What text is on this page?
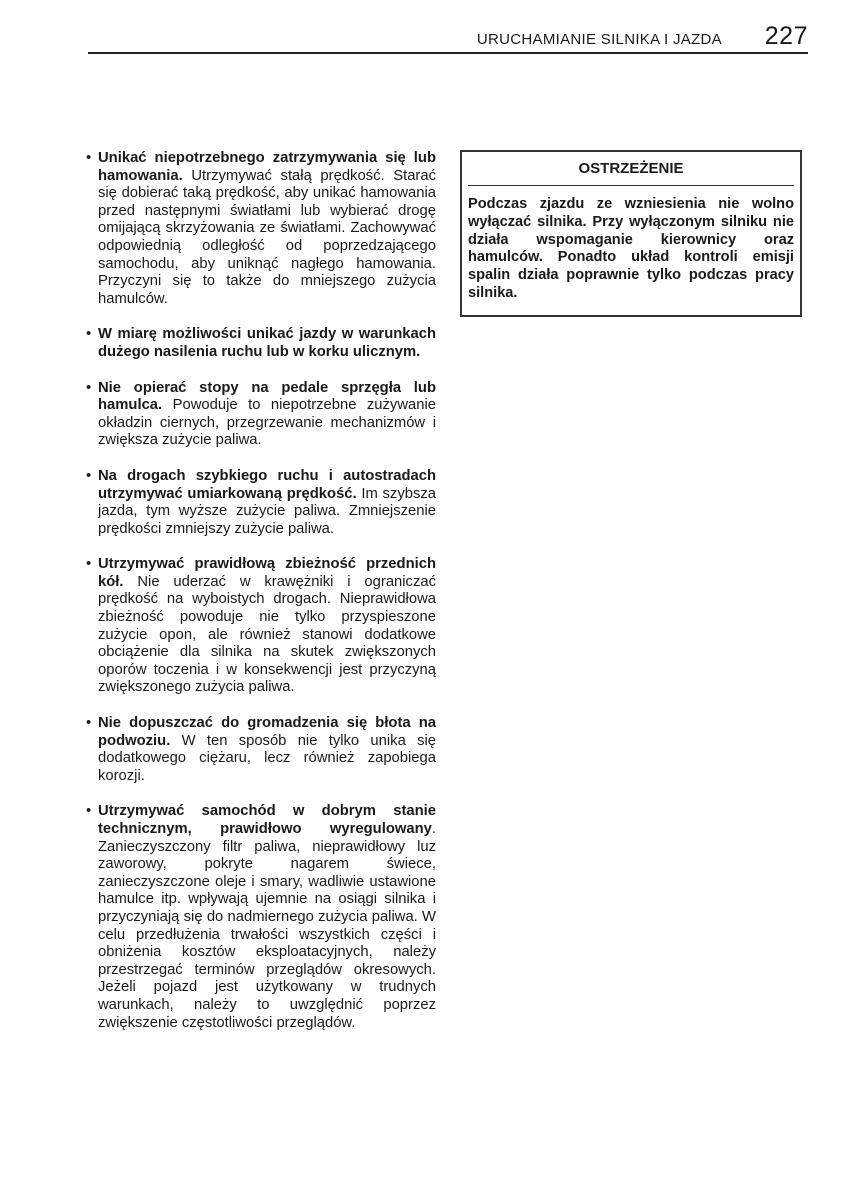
URUCHAMIANIE SILNIKA I JAZDA 227
• Unikać niepotrzebnego zatrzymywania się lub hamowania. Utrzymywać stałą prędkość. Starać się dobierać taką prędkość, aby unikać hamowania przed następnymi światłami lub wybierać drogę omijającą skrzyżowania ze światłami. Zachowywać odpowiednią odległość od poprzedzającego samochodu, aby uniknąć nagłego hamowania. Przyczyni się to także do mniejszego zużycia hamulców.
• W miarę możliwości unikać jazdy w warunkach dużego nasilenia ruchu lub w korku ulicznym.
• Nie opierać stopy na pedale sprzęgła lub hamulca. Powoduje to niepotrzebne zużywanie okładzin ciernych, przegrzewanie mechanizmów i zwiększa zużycie paliwa.
• Na drogach szybkiego ruchu i autostradach utrzymywać umiarkowaną prędkość. Im szybsza jazda, tym wyższe zużycie paliwa. Zmniejszenie prędkości zmniejszy zużycie paliwa.
• Utrzymywać prawidłową zbieżność przednich kół. Nie uderzać w krawężniki i ograniczać prędkość na wyboistych drogach. Nieprawidłowa zbieżność powoduje nie tylko przyspieszone zużycie opon, ale również stanowi dodatkowe obciążenie dla silnika na skutek zwiększonych oporów toczenia i w konsekwencji jest przyczyną zwiększonego zużycia paliwa.
• Nie dopuszczać do gromadzenia się błota na podwoziu. W ten sposób nie tylko unika się dodatkowego ciężaru, lecz również zapobiega korozji.
• Utrzymywać samochód w dobrym stanie technicznym, prawidłowo wyregulowany. Zanieczyszczony filtr paliwa, nieprawidłowy luz zaworowy, pokryte nagarem świece, zanieczyszczone oleje i smary, wadliwie ustawione hamulce itp. wpływają ujemnie na osiągi silnika i przyczyniają się do nadmiernego zużycia paliwa. W celu przedłużenia trwałości wszystkich części i obniżenia kosztów eksploatacyjnych, należy przestrzegać terminów przeglądów okresowych. Jeżeli pojazd jest użytkowany w trudnych warunkach, należy to uwzględnić poprzez zwiększenie częstotliwości przeglądów.
OSTRZEŻENIE
Podczas zjazdu ze wzniesienia nie wolno wyłączać silnika. Przy wyłączonym silniku nie działa wspomaganie kierownicy oraz hamulców. Ponadto układ kontroli emisji spalin działa poprawnie tylko podczas pracy silnika.
